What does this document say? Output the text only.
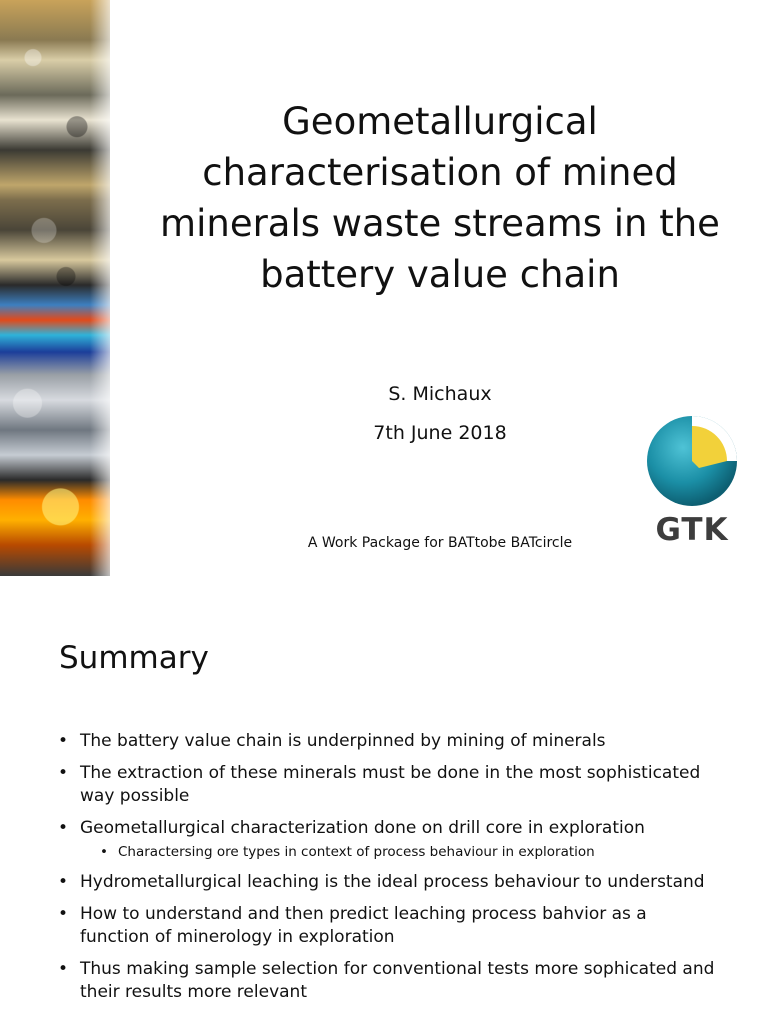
Geometallurgical characterisation of mined minerals waste streams in the battery value chain
S. Michaux
7th June 2018
A Work Package for BATtobe BATcircle	GTK
Summary
• The battery value chain is underpinned by mining of minerals
• The extraction of these minerals must be done in the most sophisticated way possible
• Geometallurgical characterization done on drill core in exploration
• Charactersing ore types in context of process behaviour in exploration
• Hydrometallurgical leaching is the ideal process behaviour to understand
• How to understand and then predict leaching process bahvior as a function of minerology in exploration
• Thus making sample selection for conventional tests more sophicated and their results more relevant
